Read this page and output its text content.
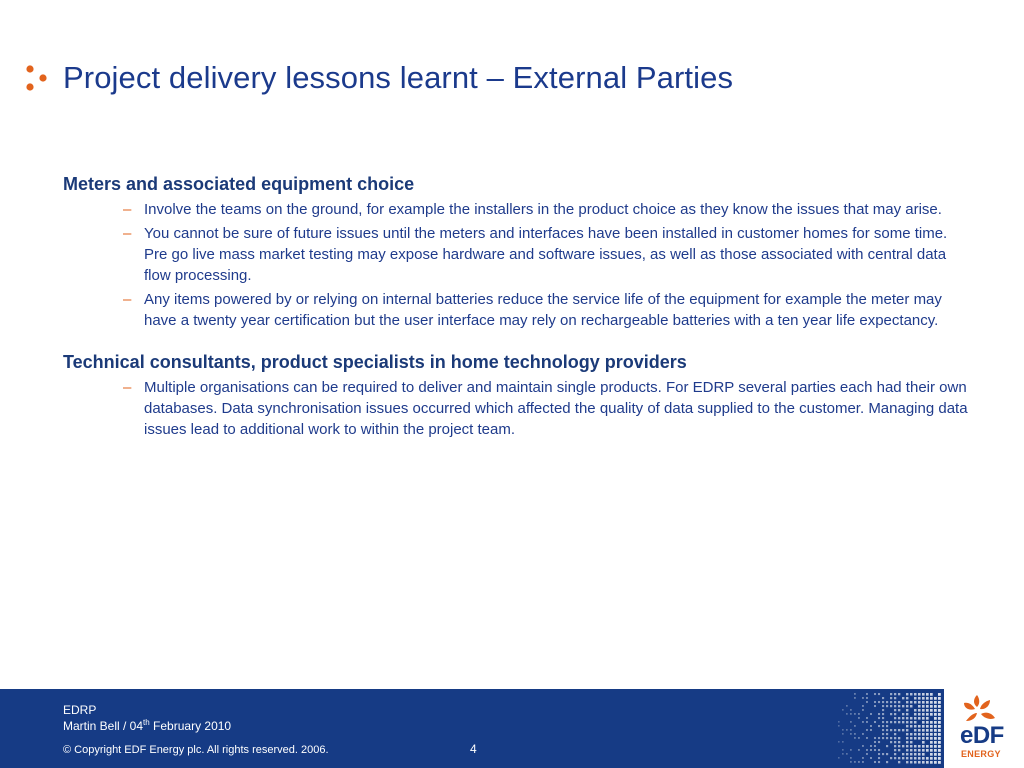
Project delivery lessons learnt – External Parties
Meters and associated equipment choice
– Involve the teams on the ground, for example the installers in the product choice as they know the issues that may arise.
– You cannot be sure of future issues until the meters and interfaces have been installed in customer homes for some time. Pre go live mass market testing may expose hardware and software issues, as well as those associated with central data flow processing.
– Any items powered by or relying on internal batteries reduce the service life of the equipment for example the meter may have a twenty year certification but the user interface may rely on rechargeable batteries with a ten year life expectancy.
Technical consultants, product specialists in home technology providers
– Multiple organisations can be required to deliver and maintain single products. For EDRP several parties each had their own databases. Data synchronisation issues occurred which affected the quality of data supplied to the customer. Managing data issues lead to additional work to within the project team.
EDRP
Martin Bell / 04th February 2010
© Copyright EDF Energy plc. All rights reserved. 2006.	4	eDF
ENERGY
